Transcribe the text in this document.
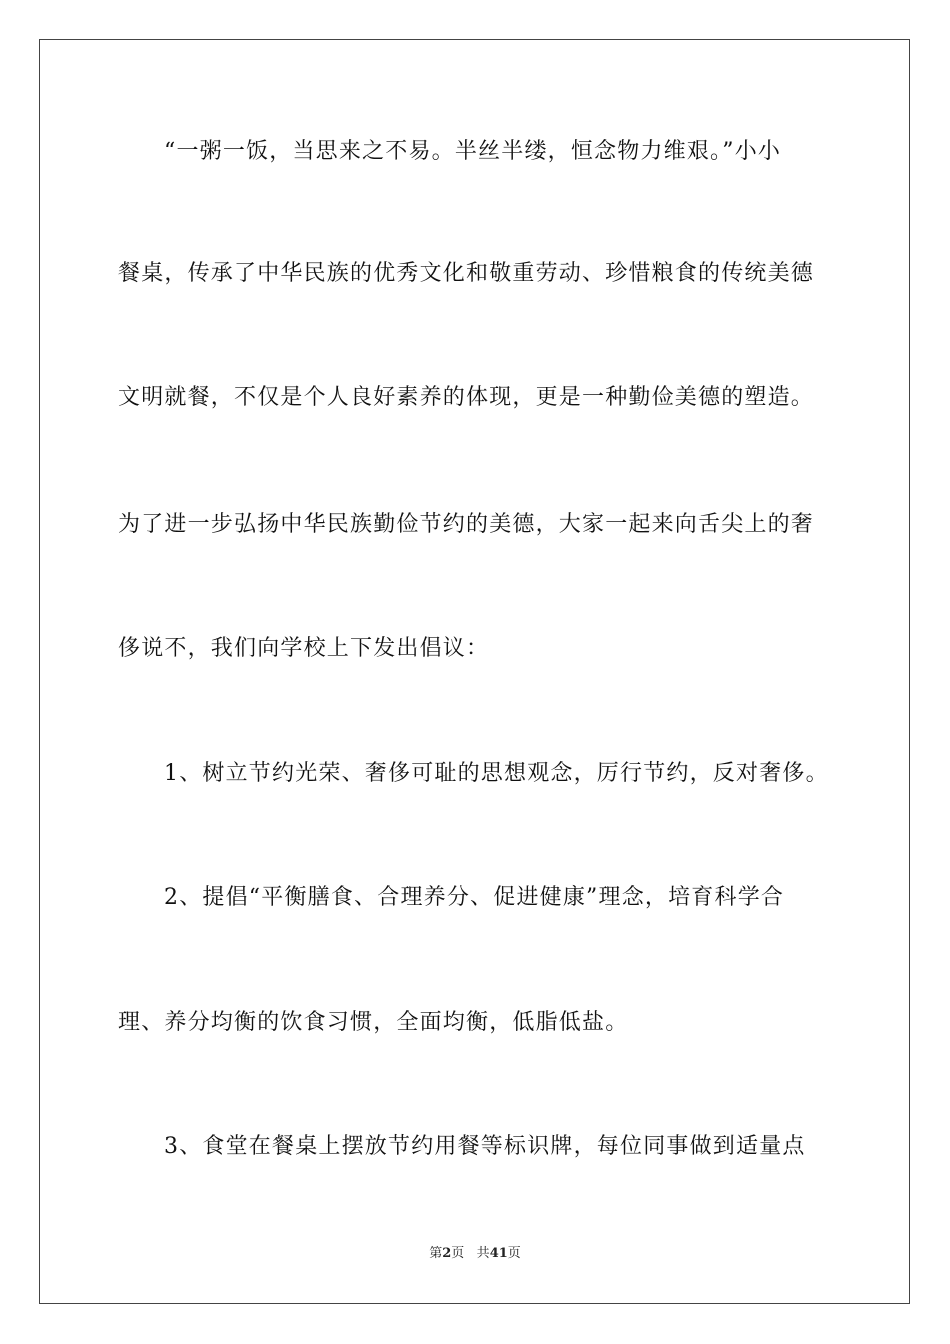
“一粥一饭，当思来之不易。半丝半缕，恒念物力维艰。”小小
餐桌，传承了中华民族的优秀文化和敬重劳动、珍惜粮食的传统美德
文明就餐，不仅是个人良好素养的体现，更是一种勤俭美德的塑造。
为了进一步弘扬中华民族勤俭节约的美德，大家一起来向舌尖上的奢
侈说不，我们向学校上下发出倡议：
1、树立节约光荣、奢侈可耻的思想观念，厉行节约，反对奢侈。
2、提倡“平衡膳食、合理养分、促进健康”理念，培育科学合
理、养分均衡的饮食习惯，全面均衡，低脂低盐。
3、食堂在餐桌上摆放节约用餐等标识牌，每位同事做到适量点
第2页 共41页
